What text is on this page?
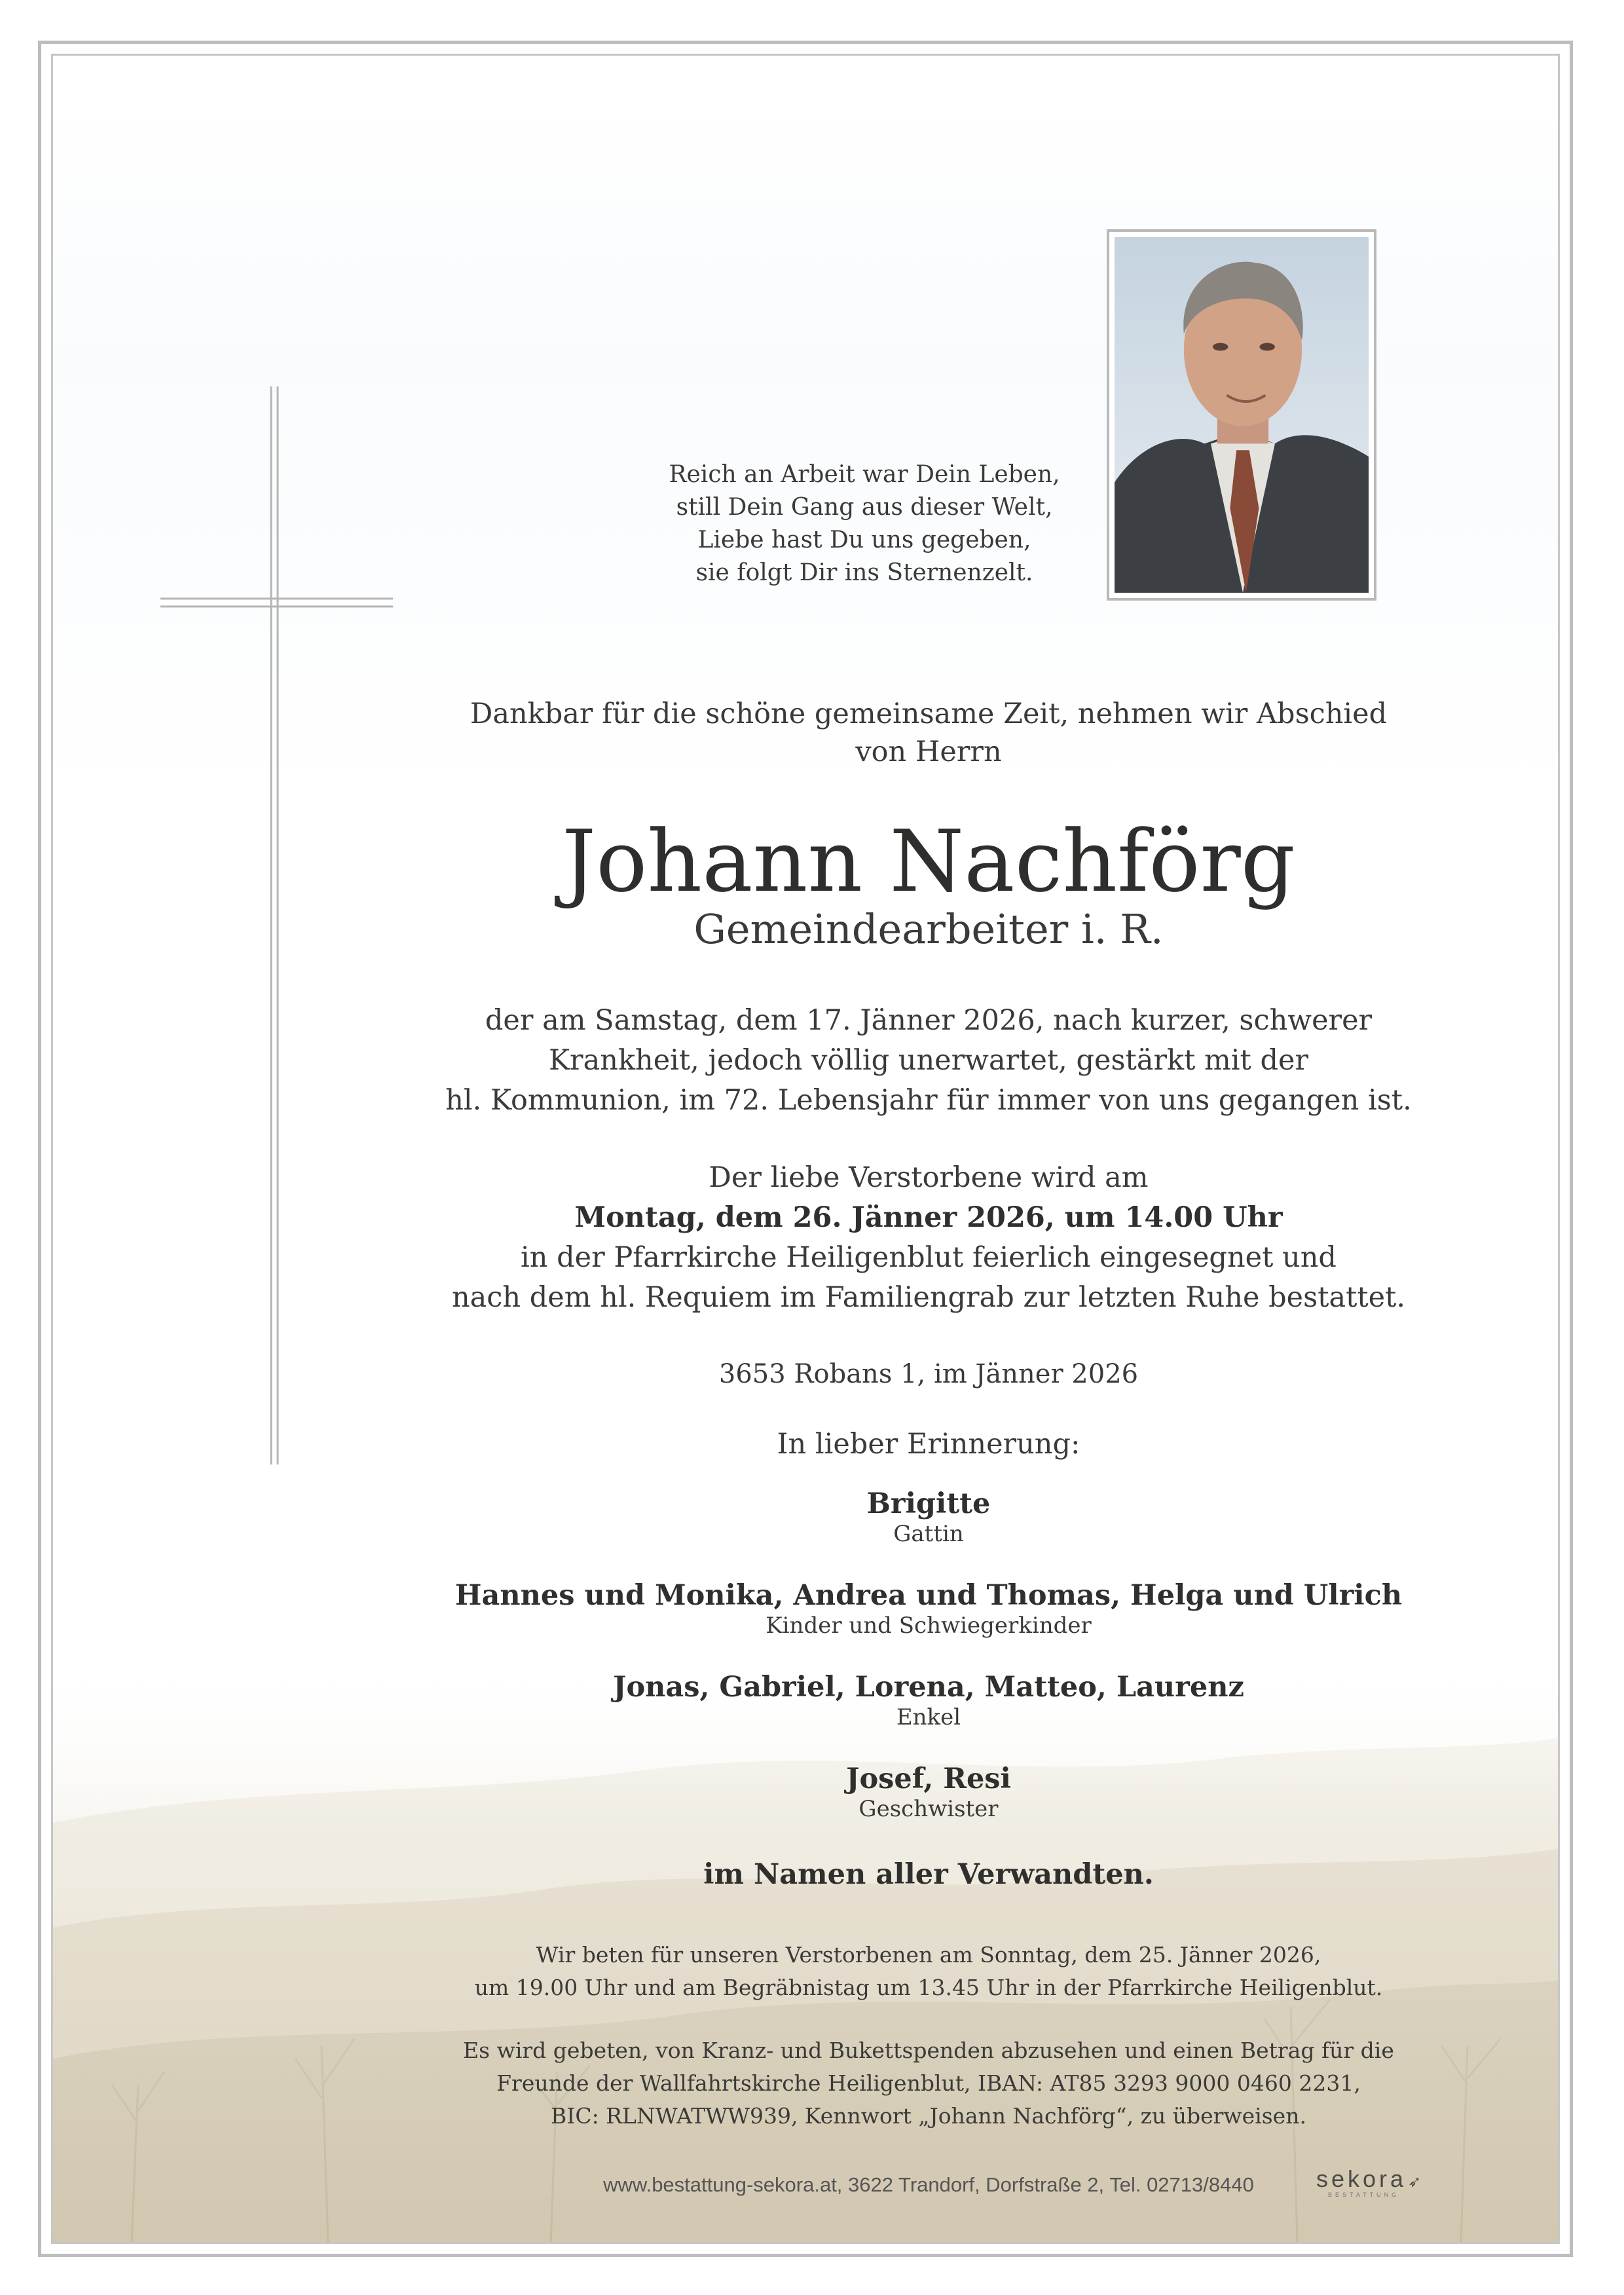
Reich an Arbeit war Dein Leben,
still Dein Gang aus dieser Welt,
Liebe hast Du uns gegeben,
sie folgt Dir ins Sternenzelt.
Dankbar für die schöne gemeinsame Zeit, nehmen wir Abschied
von Herrn
Johann Nachförg
Gemeindearbeiter i. R.
der am Samstag, dem 17. Jänner 2026, nach kurzer, schwerer
Krankheit, jedoch völlig unerwartet, gestärkt mit der
hl. Kommunion, im 72. Lebensjahr für immer von uns gegangen ist.
Der liebe Verstorbene wird am
Montag, dem 26. Jänner 2026, um 14.00 Uhr
in der Pfarrkirche Heiligenblut feierlich eingesegnet und
nach dem hl. Requiem im Familiengrab zur letzten Ruhe bestattet.
3653 Robans 1, im Jänner 2026
In lieber Erinnerung:
Brigitte
Gattin
Hannes und Monika, Andrea und Thomas, Helga und Ulrich
Kinder und Schwiegerkinder
Jonas, Gabriel, Lorena, Matteo, Laurenz
Enkel
Josef, Resi
Geschwister
im Namen aller Verwandten.
Wir beten für unseren Verstorbenen am Sonntag, dem 25. Jänner 2026,
um 19.00 Uhr und am Begräbnistag um 13.45 Uhr in der Pfarrkirche Heiligenblut.
Es wird gebeten, von Kranz- und Bukettspenden abzusehen und einen Betrag für die
Freunde der Wallfahrtskirche Heiligenblut, IBAN: AT85 3293 9000 0460 2231,
BIC: RLNWATWW939, Kennwort „Johann Nachförg“, zu überweisen.
www.bestattung-sekora.at, 3622 Trandorf, Dorfstraße 2, Tel. 02713/8440	sekora➶
BESTATTUNG
